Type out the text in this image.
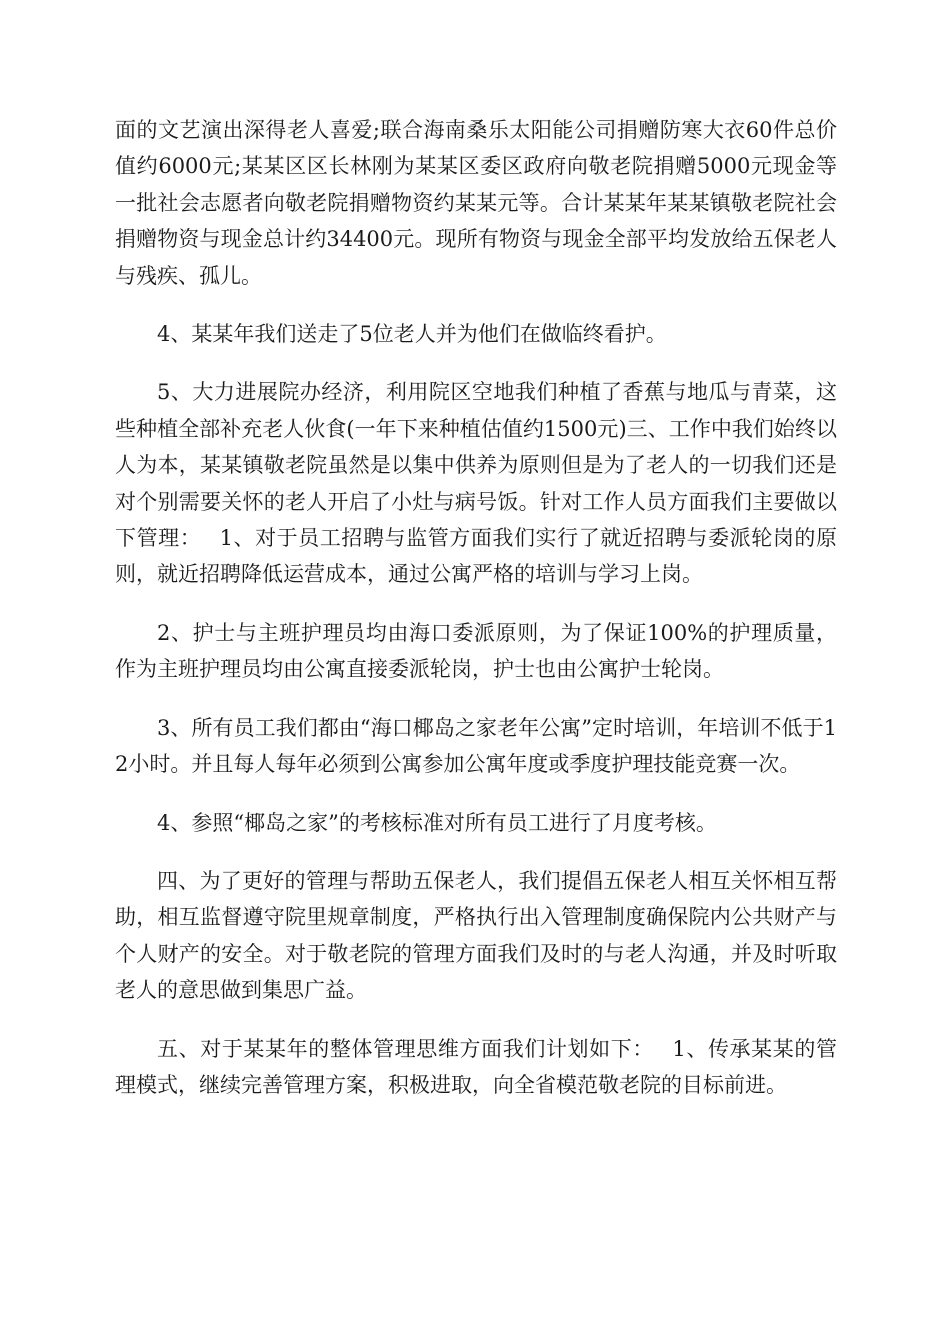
面的文艺演出深得老人喜爱;联合海南桑乐太阳能公司捐赠防寒大衣60件总价值约6000元;某某区区长林刚为某某区委区政府向敬老院捐赠5000元现金等一批社会志愿者向敬老院捐赠物资约某某元等。合计某某年某某镇敬老院社会捐赠物资与现金总计约34400元。现所有物资与现金全部平均发放给五保老人与残疾、孤儿。

4、某某年我们送走了5位老人并为他们在做临终看护。

5、大力进展院办经济，利用院区空地我们种植了香蕉与地瓜与青菜，这些种植全部补充老人伙食(一年下来种植估值约1500元)三、工作中我们始终以人为本，某某镇敬老院虽然是以集中供养为原则但是为了老人的一切我们还是对个别需要关怀的老人开启了小灶与病号饭。针对工作人员方面我们主要做以下管理：　 1、对于员工招聘与监管方面我们实行了就近招聘与委派轮岗的原则，就近招聘降低运营成本，通过公寓严格的培训与学习上岗。

2、护士与主班护理员均由海口委派原则，为了保证100%的护理质量，作为主班护理员均由公寓直接委派轮岗，护士也由公寓护士轮岗。

3、所有员工我们都由“海口椰岛之家老年公寓”定时培训，年培训不低于12小时。并且每人每年必须到公寓参加公寓年度或季度护理技能竞赛一次。

4、参照“椰岛之家”的考核标准对所有员工进行了月度考核。

四、为了更好的管理与帮助五保老人，我们提倡五保老人相互关怀相互帮助，相互监督遵守院里规章制度，严格执行出入管理制度确保院内公共财产与个人财产的安全。对于敬老院的管理方面我们及时的与老人沟通，并及时听取老人的意思做到集思广益。

五、对于某某年的整体管理思维方面我们计划如下：　 1、传承某某的管理模式，继续完善管理方案，积极进取，向全省模范敬老院的目标前进。
